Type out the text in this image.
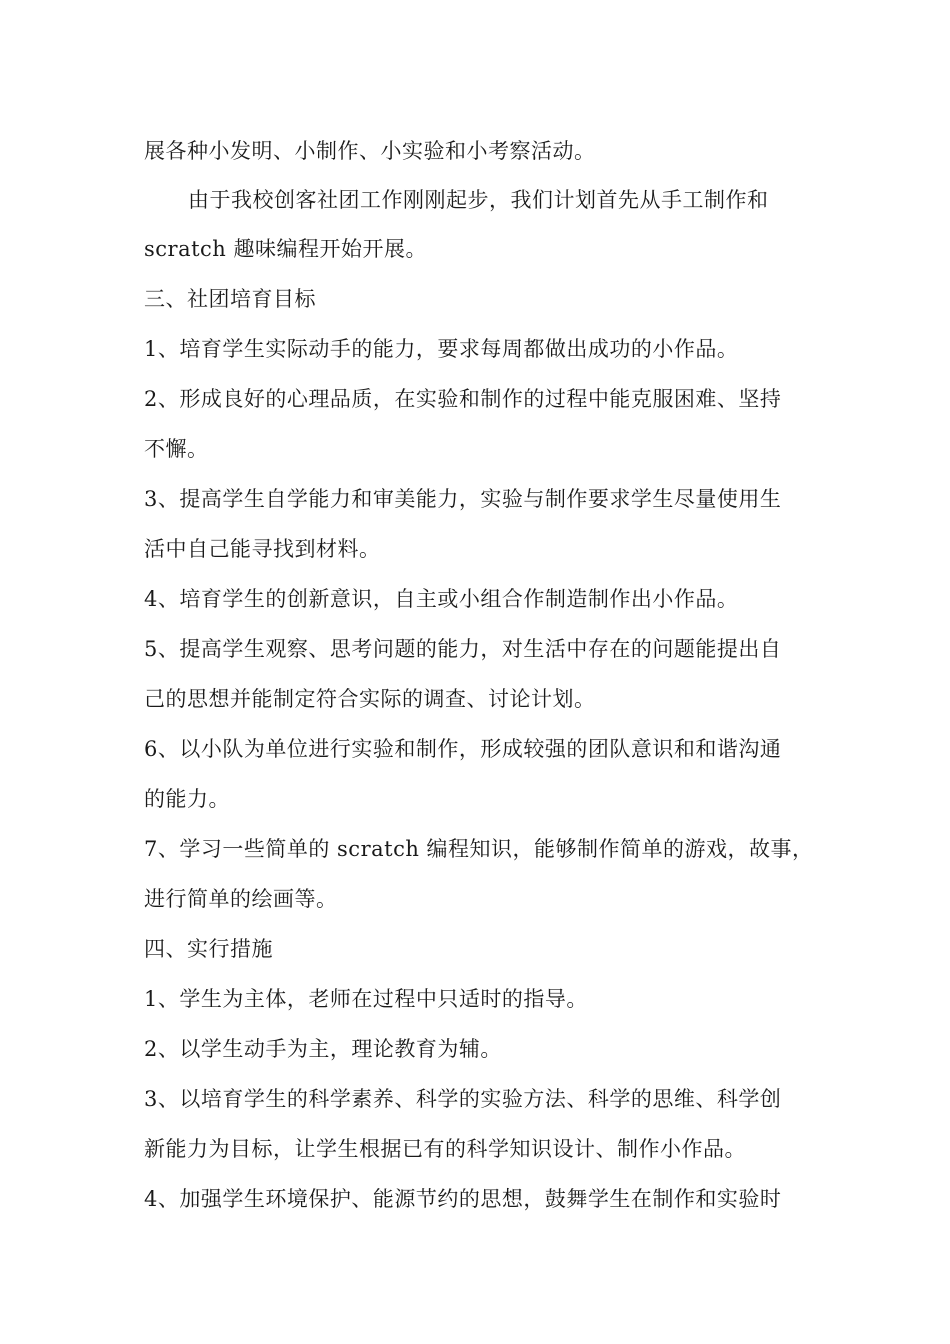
展各种小发明、小制作、小实验和小考察活动。

由于我校创客社团工作刚刚起步，我们计划首先从手工制作和

scratch 趣味编程开始开展。

三、社团培育目标

1、培育学生实际动手的能力，要求每周都做出成功的小作品。

2、形成良好的心理品质，在实验和制作的过程中能克服困难、坚持

不懈。

3、提高学生自学能力和审美能力，实验与制作要求学生尽量使用生

活中自己能寻找到材料。

4、培育学生的创新意识，自主或小组合作制造制作出小作品。

5、提高学生观察、思考问题的能力，对生活中存在的问题能提出自

己的思想并能制定符合实际的调查、讨论计划。

6、以小队为单位进行实验和制作，形成较强的团队意识和和谐沟通

的能力。

7、学习一些简单的 scratch 编程知识，能够制作简单的游戏，故事，

进行简单的绘画等。

四、实行措施

1、学生为主体，老师在过程中只适时的指导。

2、以学生动手为主，理论教育为辅。

3、以培育学生的科学素养、科学的实验方法、科学的思维、科学创

新能力为目标，让学生根据已有的科学知识设计、制作小作品。

4、加强学生环境保护、能源节约的思想，鼓舞学生在制作和实验时
